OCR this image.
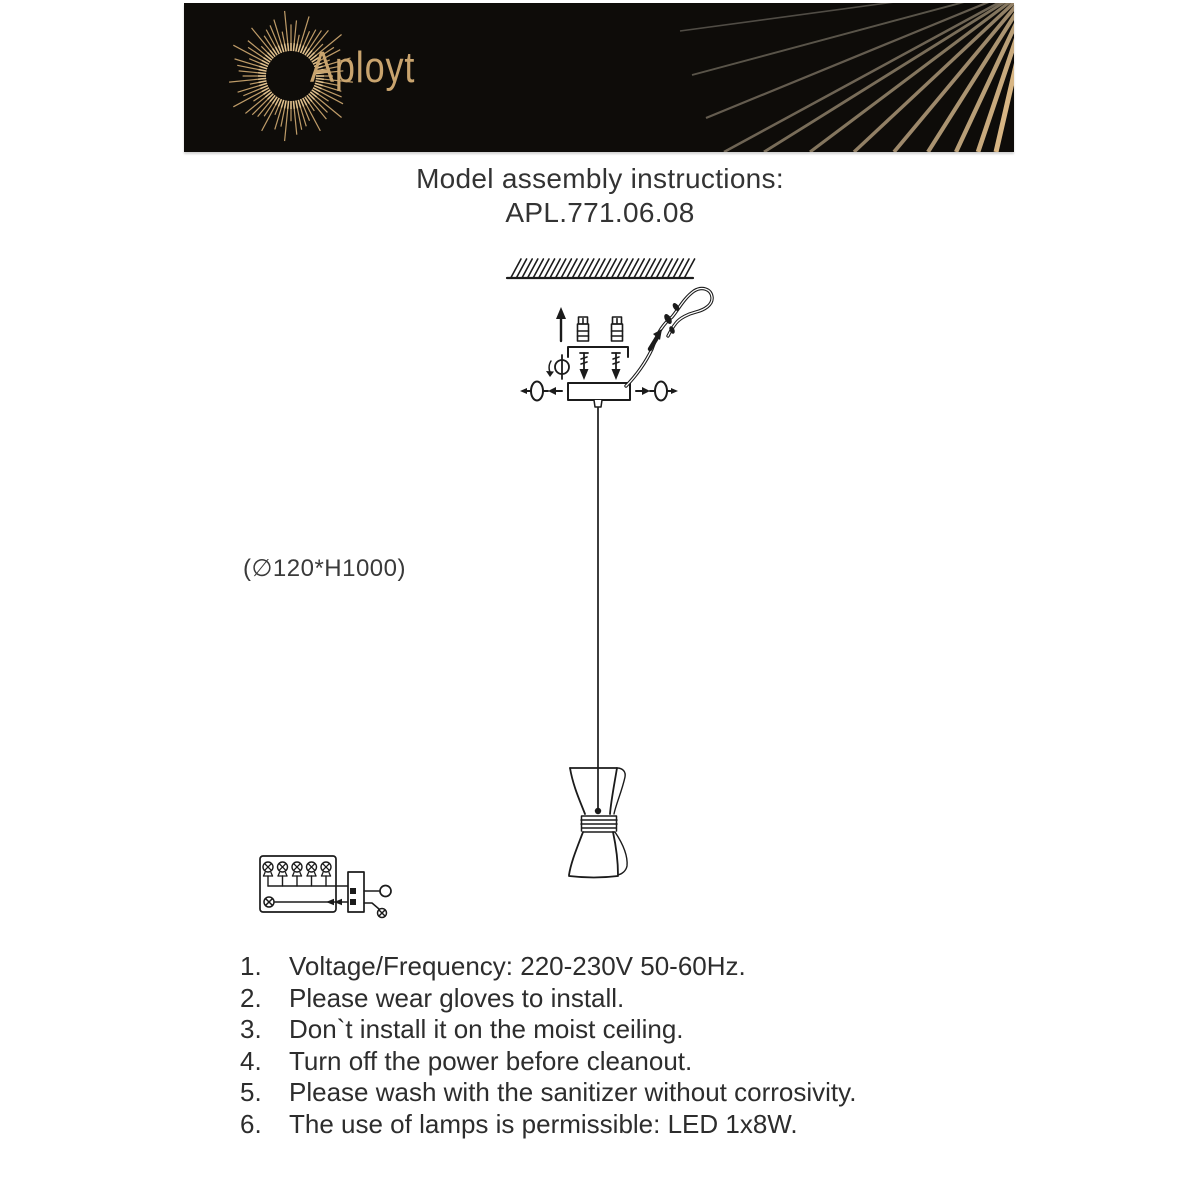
Aployt
Model assembly instructions:
APL.771.06.08
(∅120*H1000)
1.	Voltage/Frequency: 220-230V 50-60Hz.
2.	Please wear gloves to install.
3.	Don`t install it on the moist ceiling.
4.	Turn off the power before cleanout.
5.	Please wash with the sanitizer without corrosivity.
6.	The use of lamps is permissible: LED 1x8W.
